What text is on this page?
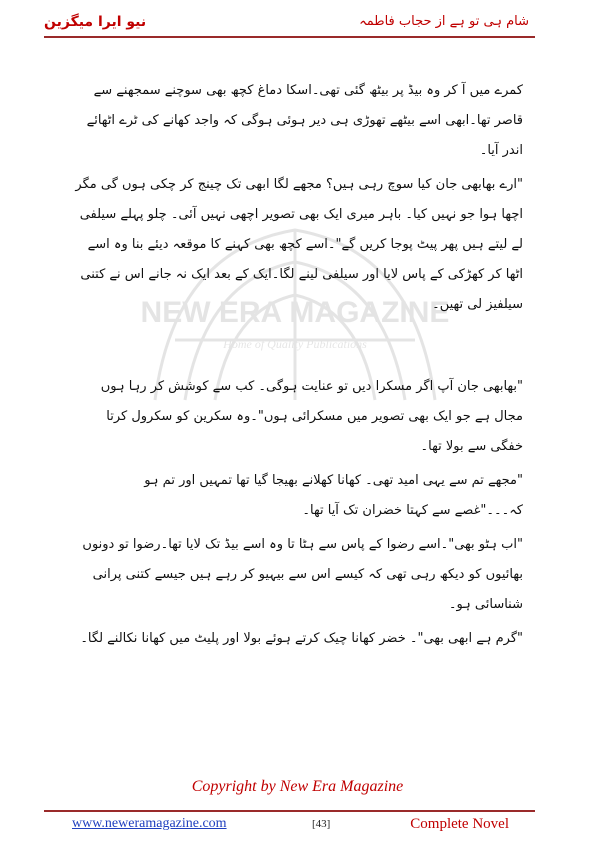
نیو ایرا میگزین	شام ہی تو ہے از حجاب فاطمہ
NEW ERA MAGAZINE
Home of Quality Publications

کمرے میں آ کر وہ بیڈ پر بیٹھ گئی تھی۔اسکا دماغ کچھ بھی سوچنے سمجھنے سے قاصر تھا۔ابھی اسے بیٹھے تھوڑی ہی دیر ہوئی ہوگی کہ واجد کھانے کی ٹرے اٹھائے اندر آیا۔

"ارے بھابھی جان کیا سوچ رہی ہیں؟ مجھے لگا ابھی تک چینج کر چکی ہوں گی مگر اچھا ہوا جو نہیں کیا۔ باہر میری ایک بھی تصویر اچھی نہیں آئی۔ چلو پہلے سیلفی لے لیتے ہیں پھر پیٹ پوجا کریں گے"۔اسے کچھ بھی کہنے کا موقعہ دیئے بنا وہ اسے اٹھا کر کھڑکی کے پاس لایا اور سیلفی لینے لگا۔ایک کے بعد ایک نہ جانے اس نے کتنی سیلفیز لی تھیں۔

"بھابھی جان آپ اگر مسکرا دیں تو عنایت ہوگی۔ کب سے کوشش کر رہا ہوں مجال ہے جو ایک بھی تصویر میں مسکرائی ہوں"۔وہ سکرین کو سکرول کرتا خفگی سے بولا تھا۔

"مجھے تم سے یہی امید تھی۔ کھانا کھلانے بھیجا گیا تھا تمہیں اور تم ہو کہ۔۔۔"غصے سے کہتا خضران تک آیا تھا۔

"اب ہٹو بھی"۔اسے رضوا کے پاس سے ہٹا تا وہ اسے بیڈ تک لایا تھا۔رضوا تو دونوں بھائیوں کو دیکھ رہی تھی کہ کیسے اس سے بیہیو کر رہے ہیں جیسے کتنی پرانی شناسائی ہو۔

"گرم ہے ابھی بھی"۔ خضر کھانا چیک کرتے ہوئے بولا اور پلیٹ میں کھانا نکالنے لگا۔

Copyright by New Era Magazine
www.neweramagazine.com	[43]	Complete Novel
